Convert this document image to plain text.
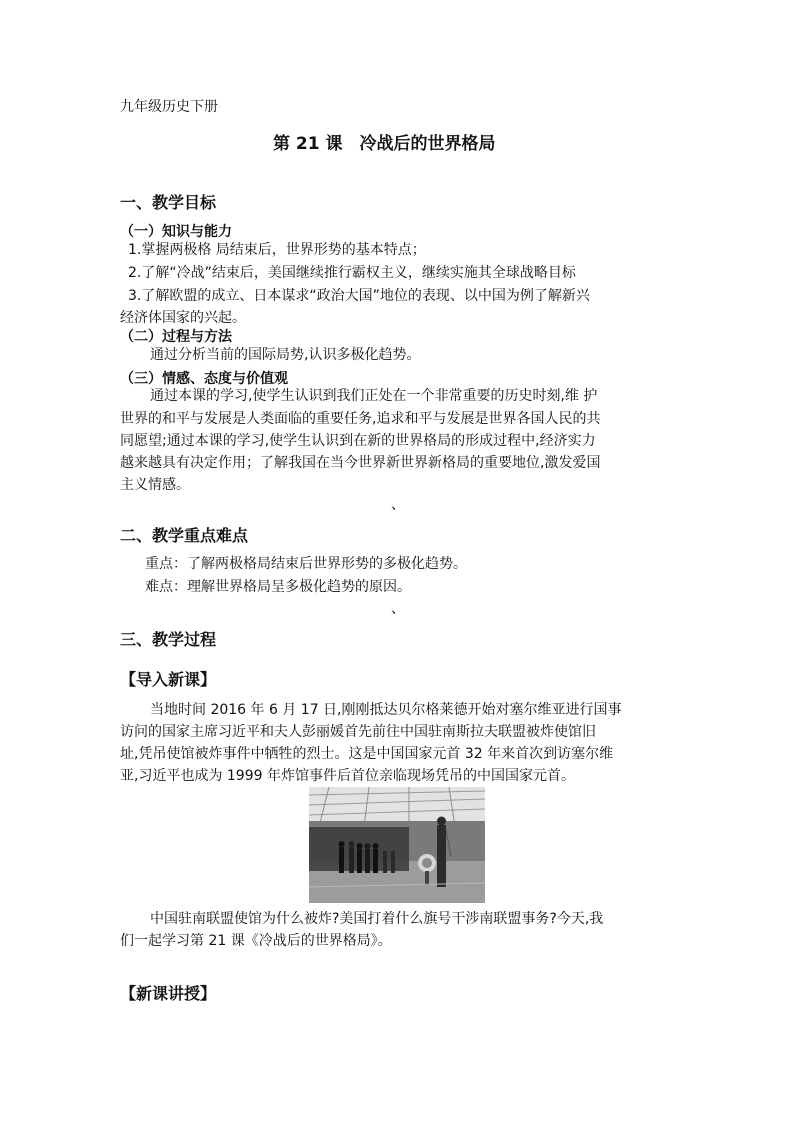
九年级历史下册
第 21 课　冷战后的世界格局
一、教学目标
（一）知识与能力
1.掌握两极格 局结束后，世界形势的基本特点；
2.了解“冷战”结束后，美国继续推行霸权主义，继续实施其全球战略目标
3.了解欧盟的成立、日本谋求“政治大国”地位的表现、以中国为例了解新兴
经济体国家的兴起。
（二）过程与方法
通过分析当前的国际局势,认识多极化趋势。
（三）情感、态度与价值观
通过本课的学习,使学生认识到我们正处在一个非常重要的历史时刻,维 护
世界的和平与发展是人类面临的重要任务,追求和平与发展是世界各国人民的共
同愿望;通过本课的学习,使学生认识到在新的世界格局的形成过程中,经济实力
越来越具有决定作用；了解我国在当今世界新世界新格局的重要地位,激发爱国
主义情感。
、
二、教学重点难点
重点：了解两极格局结束后世界形势的多极化趋势。
难点：理解世界格局呈多极化趋势的原因。
、
三、教学过程
【导入新课】
当地时间 2016 年 6 月 17 日,刚刚抵达贝尔格莱德开始对塞尔维亚进行国事
访问的国家主席习近平和夫人彭丽媛首先前往中国驻南斯拉夫联盟被炸使馆旧
址,凭吊使馆被炸事件中牺牲的烈士。这是中国国家元首 32 年来首次到访塞尔维
亚,习近平也成为 1999 年炸馆事件后首位亲临现场凭吊的中国国家元首。
中国驻南联盟使馆为什么被炸?美国打着什么旗号干涉南联盟事务?今天,我
们一起学习第 21 课《冷战后的世界格局》。
【新课讲授】
